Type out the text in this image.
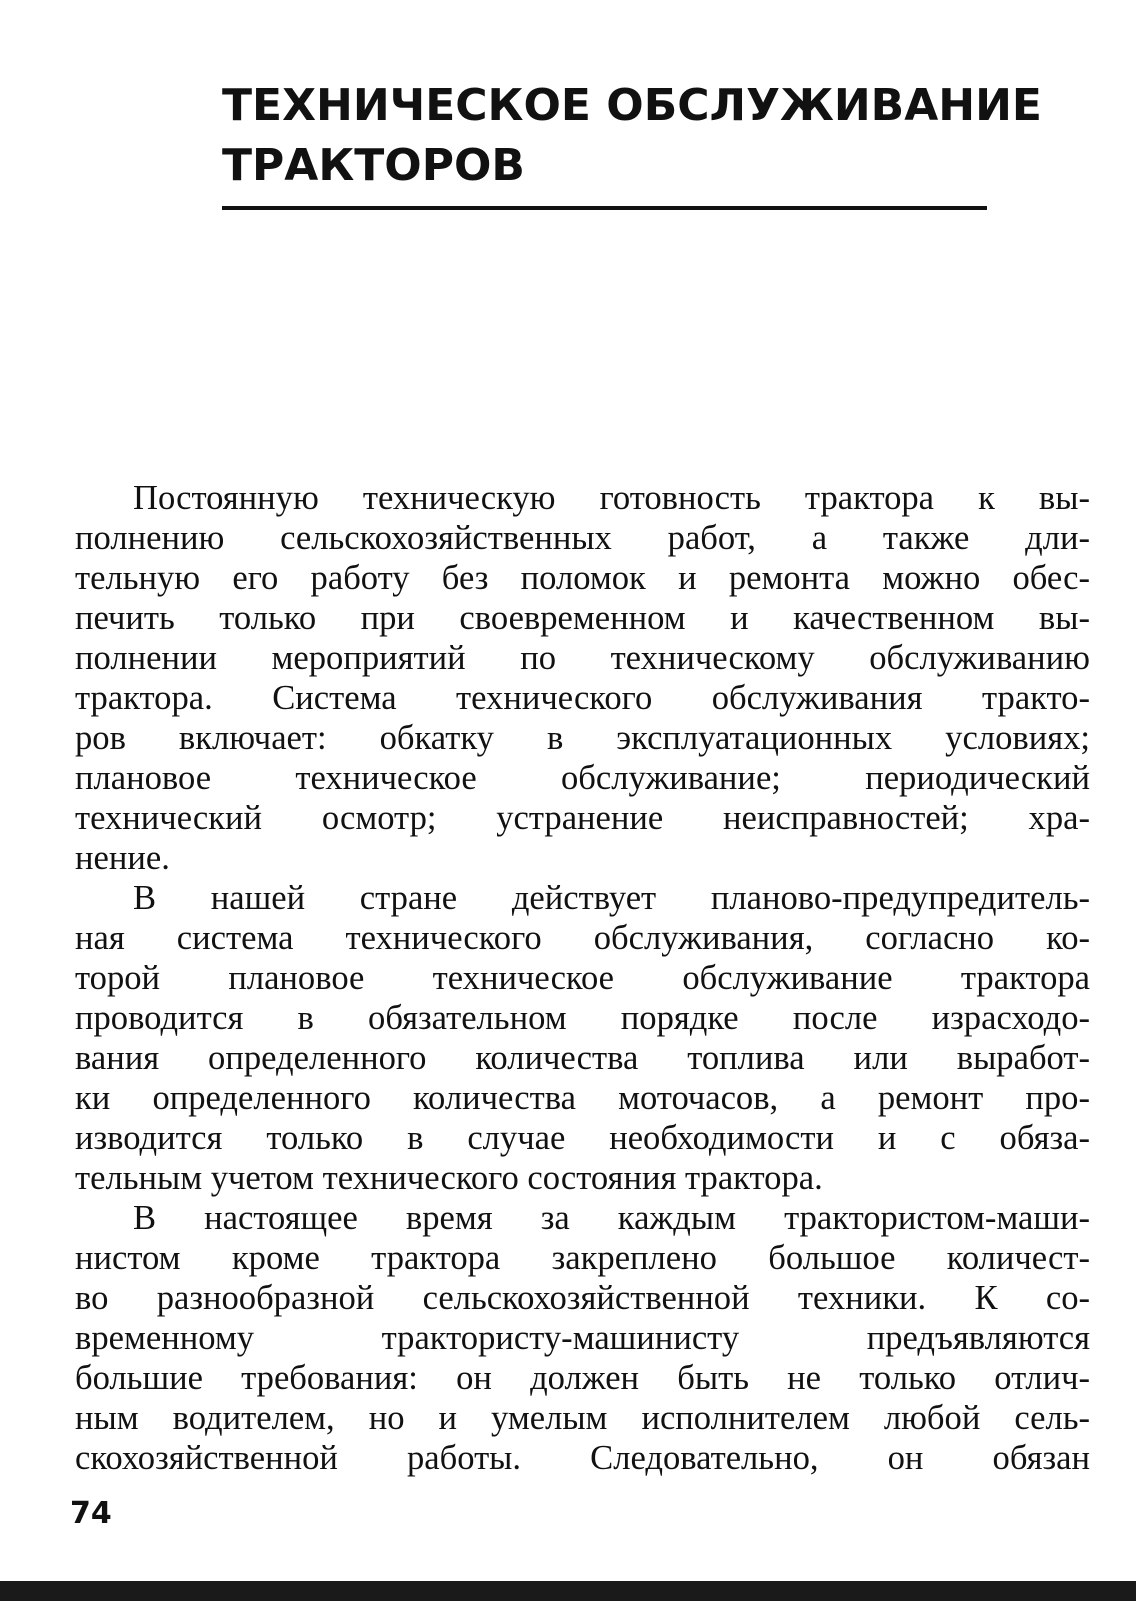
ТЕХНИЧЕСКОЕ ОБСЛУЖИВАНИЕ
ТРАКТОРОВ
Постоянную техническую готовность трактора к вы-
полнению сельскохозяйственных работ, а также дли-
тельную его работу без поломок и ремонта можно обес-
печить только при своевременном и качественном вы-
полнении мероприятий по техническому обслуживанию
трактора. Система технического обслуживания тракто-
ров включает: обкатку в эксплуатационных условиях;
плановое техническое обслуживание; периодический
технический осмотр; устранение неисправностей; хра-
нение.
В нашей стране действует планово-предупредитель-
ная система технического обслуживания, согласно ко-
торой плановое техническое обслуживание трактора
проводится в обязательном порядке после израсходо-
вания определенного количества топлива или выработ-
ки определенного количества моточасов, а ремонт про-
изводится только в случае необходимости и с обяза-
тельным учетом технического состояния трактора.
В настоящее время за каждым трактористом-маши-
нистом кроме трактора закреплено большое количест-
во разнообразной сельскохозяйственной техники. К со-
временному трактористу-машинисту предъявляются
большие требования: он должен быть не только отлич-
ным водителем, но и умелым исполнителем любой сель-
скохозяйственной работы. Следовательно, он обязан
74
